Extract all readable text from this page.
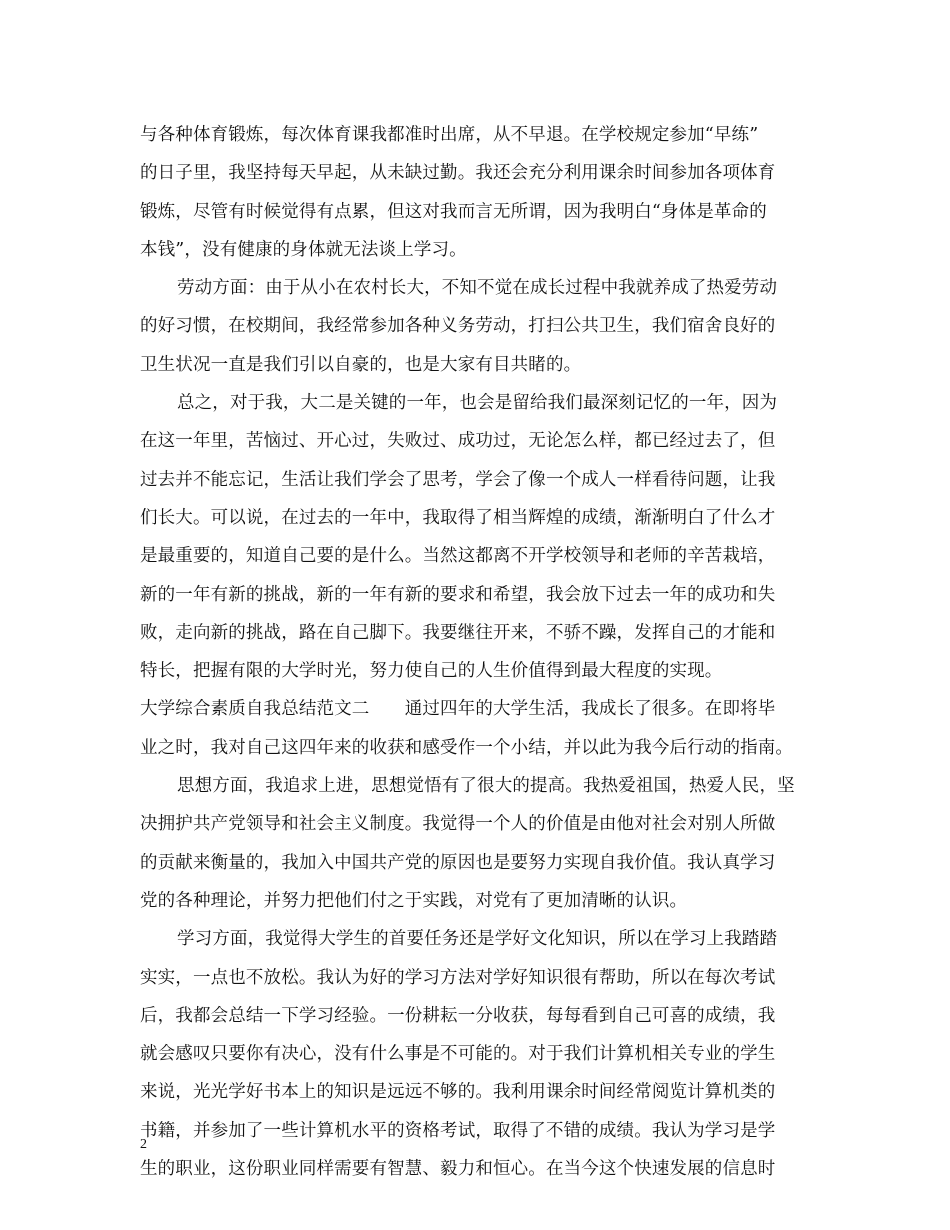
与各种体育锻炼，每次体育课我都准时出席，从不早退。在学校规定参加“早练”
的日子里，我坚持每天早起，从未缺过勤。我还会充分利用课余时间参加各项体育
锻炼，尽管有时候觉得有点累，但这对我而言无所谓，因为我明白“身体是革命的
本钱”，没有健康的身体就无法谈上学习。
劳动方面：由于从小在农村长大，不知不觉在成长过程中我就养成了热爱劳动
的好习惯，在校期间，我经常参加各种义务劳动，打扫公共卫生，我们宿舍良好的
卫生状况一直是我们引以自豪的，也是大家有目共睹的。
总之，对于我，大二是关键的一年，也会是留给我们最深刻记忆的一年，因为
在这一年里，苦恼过、开心过，失败过、成功过，无论怎么样，都已经过去了，但
过去并不能忘记，生活让我们学会了思考，学会了像一个成人一样看待问题，让我
们长大。可以说，在过去的一年中，我取得了相当辉煌的成绩，渐渐明白了什么才
是最重要的，知道自己要的是什么。当然这都离不开学校领导和老师的辛苦栽培，
新的一年有新的挑战，新的一年有新的要求和希望，我会放下过去一年的成功和失
败，走向新的挑战，路在自己脚下。我要继往开来，不骄不躁，发挥自己的才能和
特长，把握有限的大学时光，努力使自己的人生价值得到最大程度的实现。
大学综合素质自我总结范文二　　通过四年的大学生活，我成长了很多。在即将毕
业之时，我对自己这四年来的收获和感受作一个小结，并以此为我今后行动的指南。
思想方面，我追求上进，思想觉悟有了很大的提高。我热爱祖国，热爱人民，坚
决拥护共产党领导和社会主义制度。我觉得一个人的价值是由他对社会对别人所做
的贡献来衡量的，我加入中国共产党的原因也是要努力实现自我价值。我认真学习
党的各种理论，并努力把他们付之于实践，对党有了更加清晰的认识。
学习方面，我觉得大学生的首要任务还是学好文化知识，所以在学习上我踏踏
实实，一点也不放松。我认为好的学习方法对学好知识很有帮助，所以在每次考试
后，我都会总结一下学习经验。一份耕耘一分收获，每每看到自己可喜的成绩，我
就会感叹只要你有决心，没有什么事是不可能的。对于我们计算机相关专业的学生
来说，光光学好书本上的知识是远远不够的。我利用课余时间经常阅览计算机类的
书籍，并参加了一些计算机水平的资格考试，取得了不错的成绩。我认为学习是学
生的职业，这份职业同样需要有智慧、毅力和恒心。在当今这个快速发展的信息时
2
